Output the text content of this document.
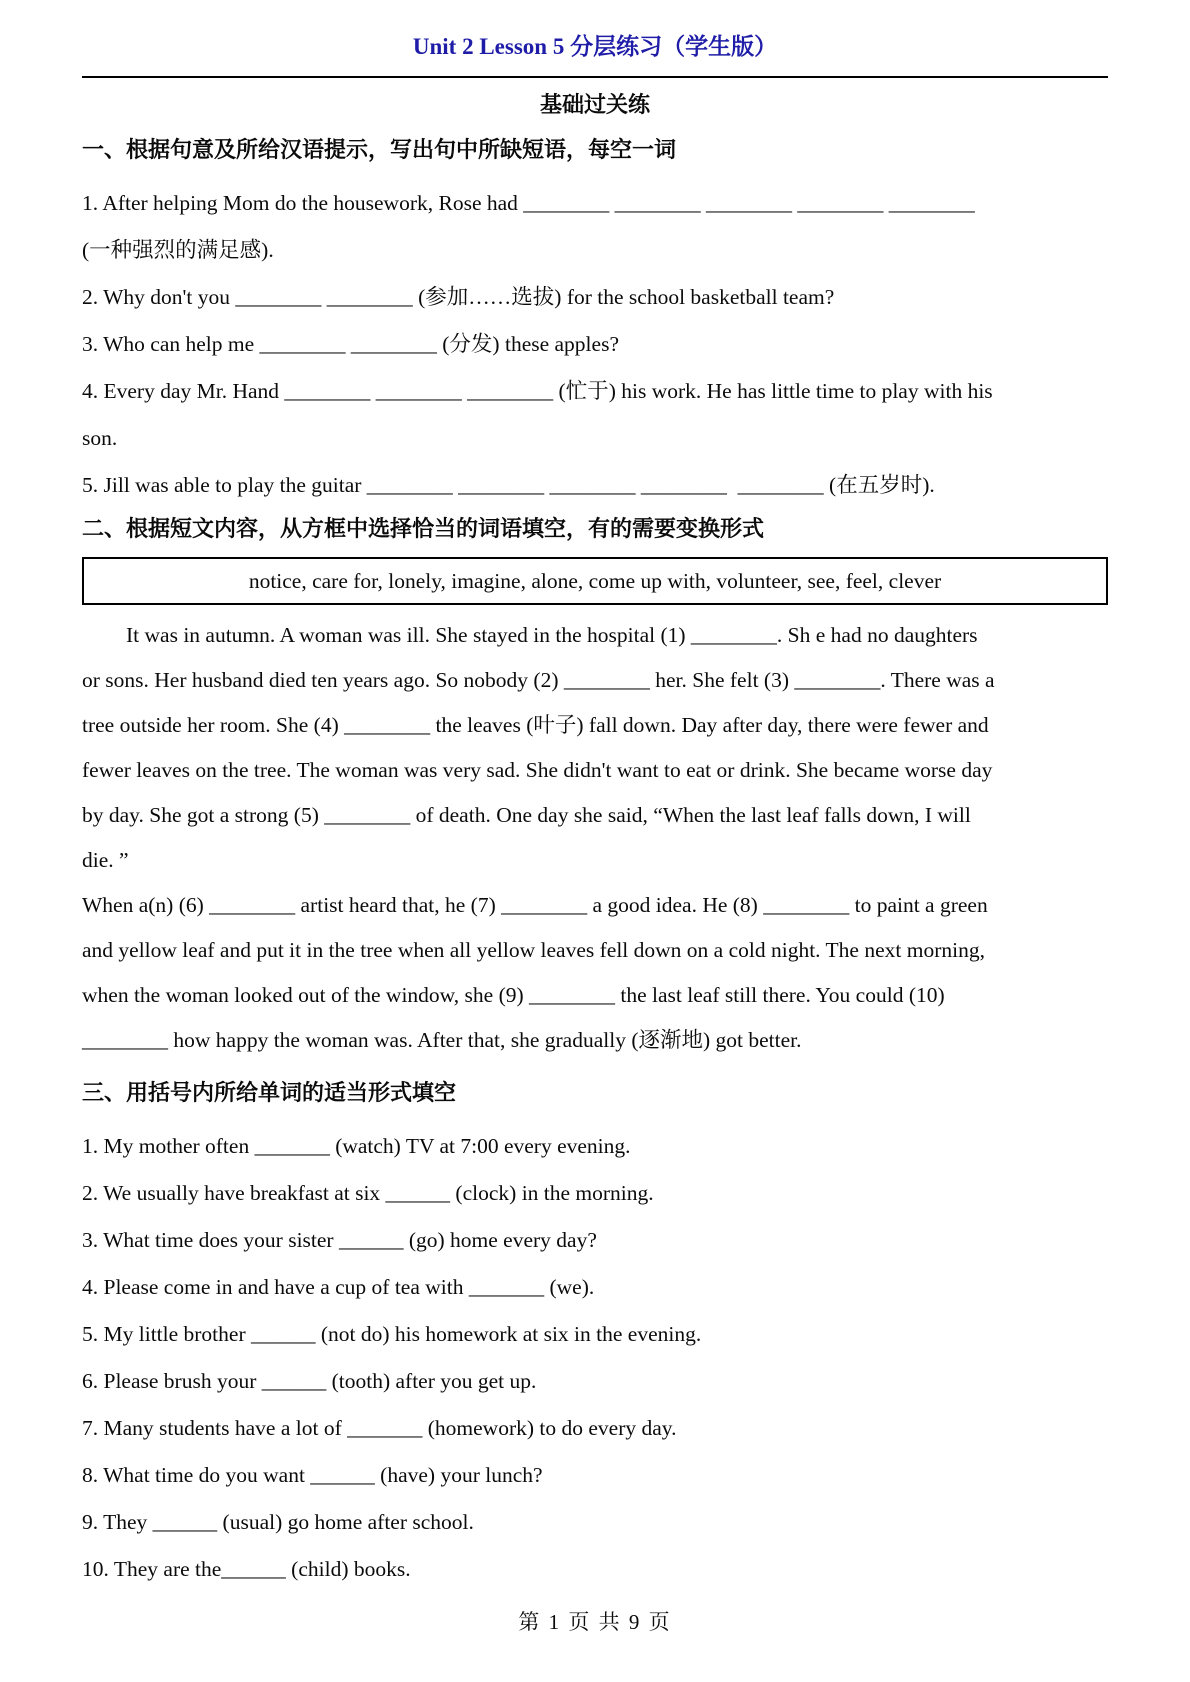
Unit 2 Lesson 5 分层练习（学生版）
基础过关练
一、根据句意及所给汉语提示，写出句中所缺短语，每空一词

1. After helping Mom do the housework, Rose had ________ ________ ________ ________ ________

(一种强烈的满足感).

2. Why don't you ________ ________ (参加……选拔) for the school basketball team?

3. Who can help me ________ ________ (分发) these apples?

4. Every day Mr. Hand ________ ________ ________ (忙于) his work. He has little time to play with his

son.

5. Jill was able to play the guitar ________ ________ ________ ________  ________ (在五岁时).

二、根据短文内容，从方框中选择恰当的词语填空，有的需要变换形式
notice, care for, lonely, imagine, alone, come up with, volunteer, see, feel, clever

It was in autumn. A woman was ill. She stayed in the hospital (1) ________. Sh e had no daughters

or sons. Her husband died ten years ago. So nobody (2) ________ her. She felt (3) ________. There was a

tree outside her room. She (4) ________ the leaves (叶子) fall down. Day after day, there were fewer and

fewer leaves on the tree. The woman was very sad. She didn't want to eat or drink. She became worse day

by day. She got a strong (5) ________ of death. One day she said, “When the last leaf falls down, I will

die. ”

When a(n) (6) ________ artist heard that, he (7) ________ a good idea. He (8) ________ to paint a green

and yellow leaf and put it in the tree when all yellow leaves fell down on a cold night. The next morning,

when the woman looked out of the window, she (9) ________ the last leaf still there. You could (10)

________ how happy the woman was. After that, she gradually (逐渐地) got better.

三、用括号内所给单词的适当形式填空

1. My mother often _______ (watch) TV at 7:00 every evening.

2. We usually have breakfast at six ______ (clock) in the morning.

3. What time does your sister ______ (go) home every day?

4. Please come in and have a cup of tea with _______ (we).

5. My little brother ______ (not do) his homework at six in the evening.

6. Please brush your ______ (tooth) after you get up.

7. Many students have a lot of _______ (homework) to do every day.

8. What time do you want ______ (have) your lunch?

9. They ______ (usual) go home after school.

10. They are the______ (child) books.

第 1 页 共 9 页
